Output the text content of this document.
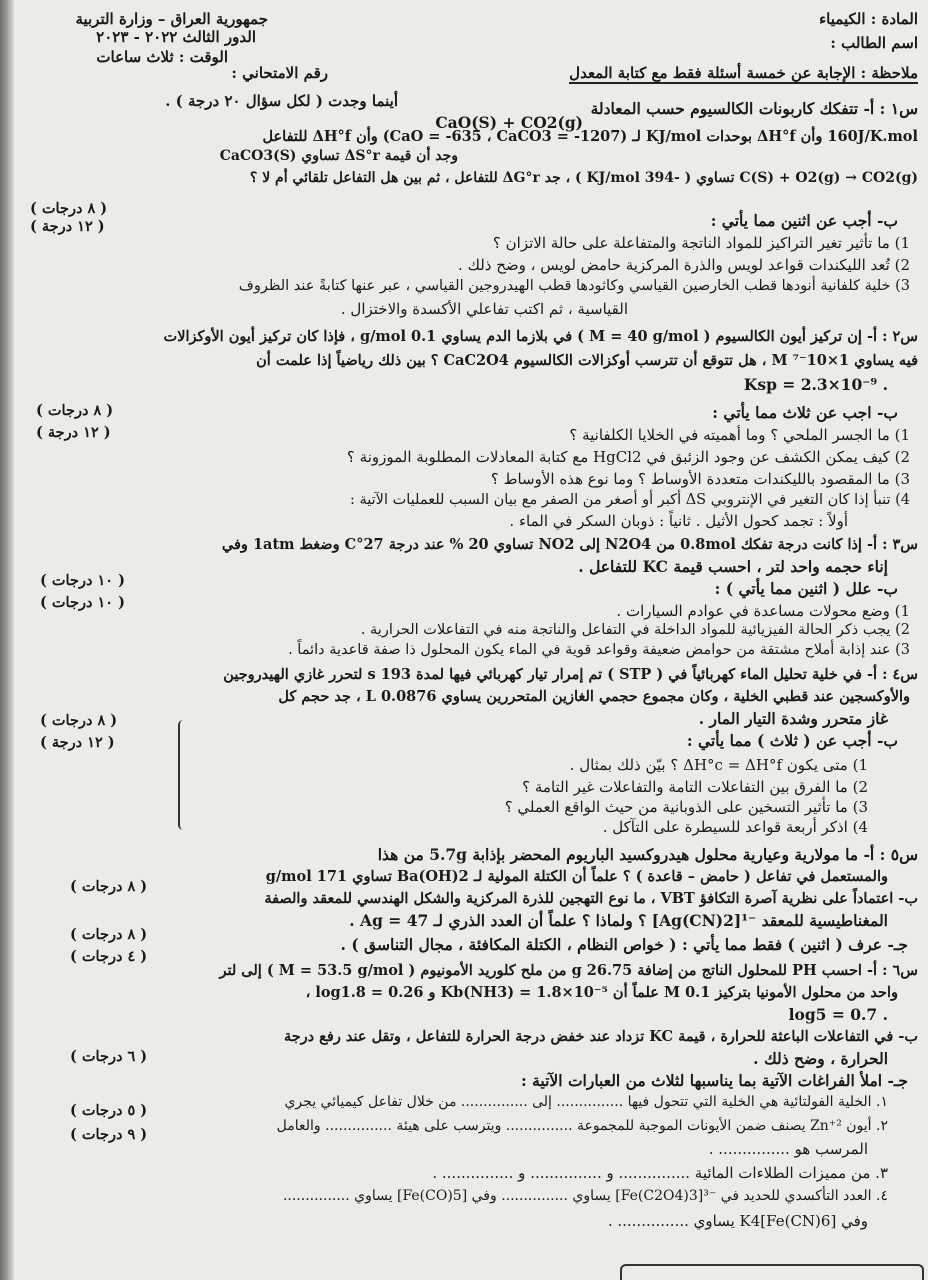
جمهورية العراق – وزارة التربية
الدور الثالث ٢٠٢٢ - ٢٠٢٣
الوقت : ثلاث ساعات
المادة : الكيمياء
اسم الطالب :
رقم الامتحاني :	ملاحظة : الإجابة عن خمسة أسئلة فقط مع كتابة المعدل
أينما وجدت ( لكل سؤال ٢٠ درجة ) .	س١ : أ- تتفكك كاربونات الكالسيوم حسب المعادلة
CaO(S) + CO2(g)
160J/K.mol وأن ΔH°f بوحدات KJ/mol لـ (CaO = -635 ، CaCO3 = -1207) وأن ΔH°f للتفاعل
وجد أن قيمة ΔS°r تساوي CaCO3(S)
C(S) + O2(g) → CO2(g) تساوي ( -394 KJ/mol ) ، جد ΔG°r للتفاعل ، ثم بين هل التفاعل تلقائي أم لا ؟
( ٨ درجات )
( ١٢ درجة )	ب- أجب عن اثنين مما يأتي :
1) ما تأثير تغير التراكيز للمواد الناتجة والمتفاعلة على حالة الاتزان ؟
2) تُعد الليكندات قواعد لويس والذرة المركزية حامض لويس ، وضح ذلك .
3) خلية كلفانية أنودها قطب الخارصين القياسي وكاثودها قطب الهيدروجين القياسي ، عبر عنها كتابةً عند الظروف
القياسية ، ثم اكتب تفاعلي الأكسدة والاختزال .
س٢ : أ- إن تركيز أيون الكالسيوم ( M = 40 g/mol ) في بلازما الدم يساوي 0.1 g/mol ، فإذا كان تركيز أيون الأوكزالات
فيه يساوي 1×10⁻⁷ M ، هل تتوقع أن تترسب أوكزالات الكالسيوم CaC2O4 ؟ بين ذلك رياضياً إذا علمت أن
Ksp = 2.3×10⁻⁹ .
( ٨ درجات )
( ١٢ درجة )
ب- اجب عن ثلاث مما يأتي :
1) ما الجسر الملحي ؟ وما أهميته في الخلايا الكلفانية ؟
2) كيف يمكن الكشف عن وجود الزئبق في HgCl2 مع كتابة المعادلات المطلوبة الموزونة ؟
3) ما المقصود بالليكندات متعددة الأوساط ؟ وما نوع هذه الأوساط ؟
4) تنبأ إذا كان التغير في الإنتروبي ΔS أكبر أو أصغر من الصفر مع بيان السبب للعمليات الآتية :
أولاً : تجمد كحول الأثيل . ثانياً : ذوبان السكر في الماء .
س٣ : أ- إذا كانت درجة تفكك 0.8mol من N2O4 إلى NO2 تساوي 20 % عند درجة 27°C وضغط 1atm وفي
إناء حجمه واحد لتر ، احسب قيمة KC للتفاعل .
( ١٠ درجات )
( ١٠ درجات )
ب- علل ( اثنين مما يأتي ) :
1) وضع محولات مساعدة في عوادم السيارات .
2) يجب ذكر الحالة الفيزيائية للمواد الداخلة في التفاعل والناتجة منه في التفاعلات الحرارية .
3) عند إذابة أملاح مشتقة من حوامض ضعيفة وقواعد قوية في الماء يكون المحلول ذا صفة قاعدية دائماً .
س٤ : أ- في خلية تحليل الماء كهربائياً في ( STP ) تم إمرار تيار كهربائي فيها لمدة 193 s لتحرر غازي الهيدروجين
والأوكسجين عند قطبي الخلية ، وكان مجموع حجمي الغازين المتحررين يساوي 0.0876 L ، جد حجم كل
غاز متحرر وشدة التيار المار .
( ٨ درجات )
( ١٢ درجة )	ب- أجب عن ( ثلاث ) مما يأتي :
1) متى يكون ΔH°c = ΔH°f ؟ بيّن ذلك بمثال .
2) ما الفرق بين التفاعلات التامة والتفاعلات غير التامة ؟
3) ما تأثير التسخين على الذوبانية من حيث الواقع العملي ؟
4) اذكر أربعة قواعد للسيطرة على التآكل .
س٥ : أ- ما مولارية وعيارية محلول هيدروكسيد الباريوم المحضر بإذابة 5.7g من هذا
والمستعمل في تفاعل ( حامض – قاعدة ) ؟ علماً أن الكتلة المولية لـ Ba(OH)2 تساوي 171 g/mol
( ٨ درجات )
ب- اعتماداً على نظرية آصرة التكافؤ VBT ، ما نوع التهجين للذرة المركزية والشكل الهندسي للمعقد والصفة
المغناطيسية للمعقد ⁻¹[Ag(CN)2] ؟ ولماذا ؟ علماً أن العدد الذري لـ Ag = 47 .
( ٨ درجات )
( ٤ درجات )
جـ- عرف ( اثنين ) فقط مما يأتي : ( خواص النظام ، الكتلة المكافئة ، مجال التناسق ) .
س٦ : أ- احسب PH للمحلول الناتج من إضافة 26.75 g من ملح كلوريد الأمونيوم ( M = 53.5 g/mol ) إلى لتر
واحد من محلول الأمونيا بتركيز 0.1 M علماً أن Kb(NH3) = 1.8×10⁻⁵ و log1.8 = 0.26 ،
log5 = 0.7 .
ب- في التفاعلات الباعثة للحرارة ، قيمة KC تزداد عند خفض درجة الحرارة للتفاعل ، وتقل عند رفع درجة
الحرارة ، وضح ذلك .
( ٦ درجات )
جـ- املأ الفراغات الآتية بما يناسبها لثلاث من العبارات الآتية :
( ٥ درجات )
( ٩ درجات )
١. الخلية الفولتائية هي الخلية التي تتحول فيها ............... إلى ............... من خلال تفاعل كيميائي يجري
٢. أيون Zn⁺² يصنف ضمن الأيونات الموجبة للمجموعة ............... ويترسب على هيئة ............... والعامل
المرسب هو ............... .
٣. من مميزات الطلاءات المائية ............... و ............... و ............... .
٤. العدد التأكسدي للحديد في ⁻³[Fe(C2O4)3] يساوي ............... وفي [Fe(CO)5] يساوي ...............
وفي K4[Fe(CN)6] يساوي ............... .
